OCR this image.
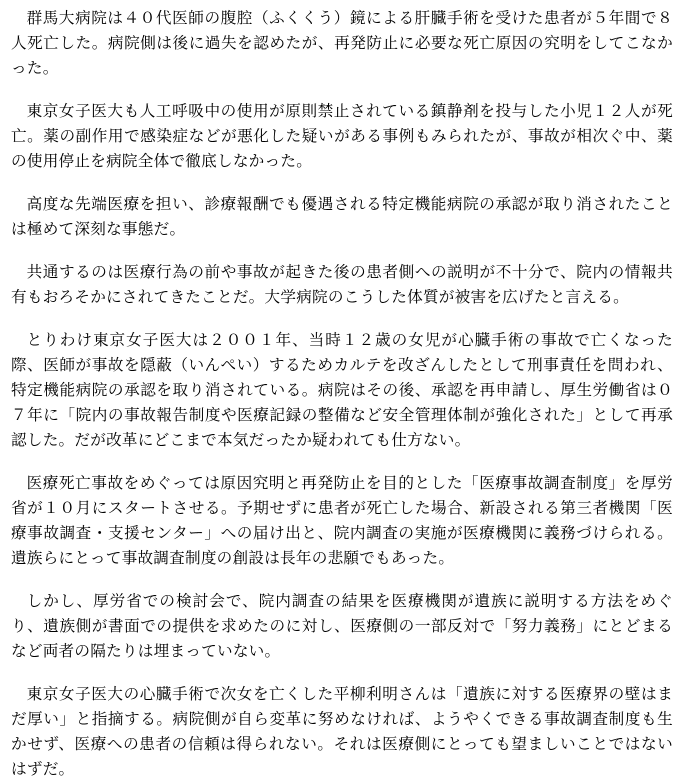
群馬大病院は４０代医師の腹腔（ふくくう）鏡による肝臓手術を受けた患者が５年間で８人死亡した。病院側は後に過失を認めたが、再発防止に必要な死亡原因の究明をしてこなかった。

東京女子医大も人工呼吸中の使用が原則禁止されている鎮静剤を投与した小児１２人が死亡。薬の副作用で感染症などが悪化した疑いがある事例もみられたが、事故が相次ぐ中、薬の使用停止を病院全体で徹底しなかった。

高度な先端医療を担い、診療報酬でも優遇される特定機能病院の承認が取り消されたことは極めて深刻な事態だ。

共通するのは医療行為の前や事故が起きた後の患者側への説明が不十分で、院内の情報共有もおろそかにされてきたことだ。大学病院のこうした体質が被害を広げたと言える。

とりわけ東京女子医大は２００１年、当時１２歳の女児が心臓手術の事故で亡くなった際、医師が事故を隠蔽（いんぺい）するためカルテを改ざんしたとして刑事責任を問われ、特定機能病院の承認を取り消されている。病院はその後、承認を再申請し、厚生労働省は０７年に「院内の事故報告制度や医療記録の整備など安全管理体制が強化された」として再承認した。だが改革にどこまで本気だったか疑われても仕方ない。

医療死亡事故をめぐっては原因究明と再発防止を目的とした「医療事故調査制度」を厚労省が１０月にスタートさせる。予期せずに患者が死亡した場合、新設される第三者機関「医療事故調査・支援センター」への届け出と、院内調査の実施が医療機関に義務づけられる。遺族らにとって事故調査制度の創設は長年の悲願でもあった。

しかし、厚労省での検討会で、院内調査の結果を医療機関が遺族に説明する方法をめぐり、遺族側が書面での提供を求めたのに対し、医療側の一部反対で「努力義務」にとどまるなど両者の隔たりは埋まっていない。

東京女子医大の心臓手術で次女を亡くした平柳利明さんは「遺族に対する医療界の壁はまだ厚い」と指摘する。病院側が自ら変革に努めなければ、ようやくできる事故調査制度も生かせず、医療への患者の信頼は得られない。それは医療側にとっても望ましいことではないはずだ。
